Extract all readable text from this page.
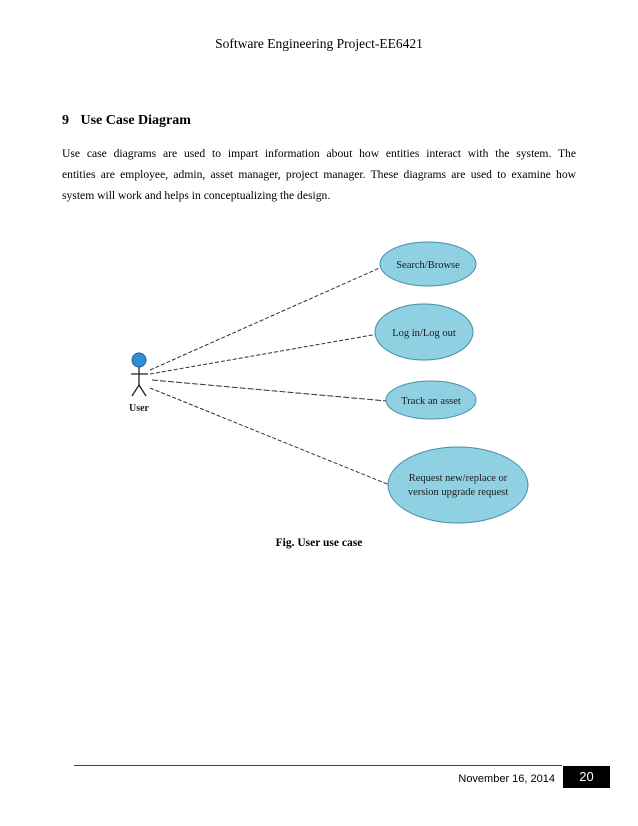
Software Engineering Project-EE6421
9 Use Case Diagram
Use case diagrams are used to impart information about how entities interact with the system. The
entities are employee, admin, asset manager, project manager. These diagrams are used to examine how
system will work and helps in conceptualizing the design.
User
Search/Browse
Log in/Log out
Track an asset
Request new/replace or
version upgrade request
Fig. User use case
November 16, 2014	20
